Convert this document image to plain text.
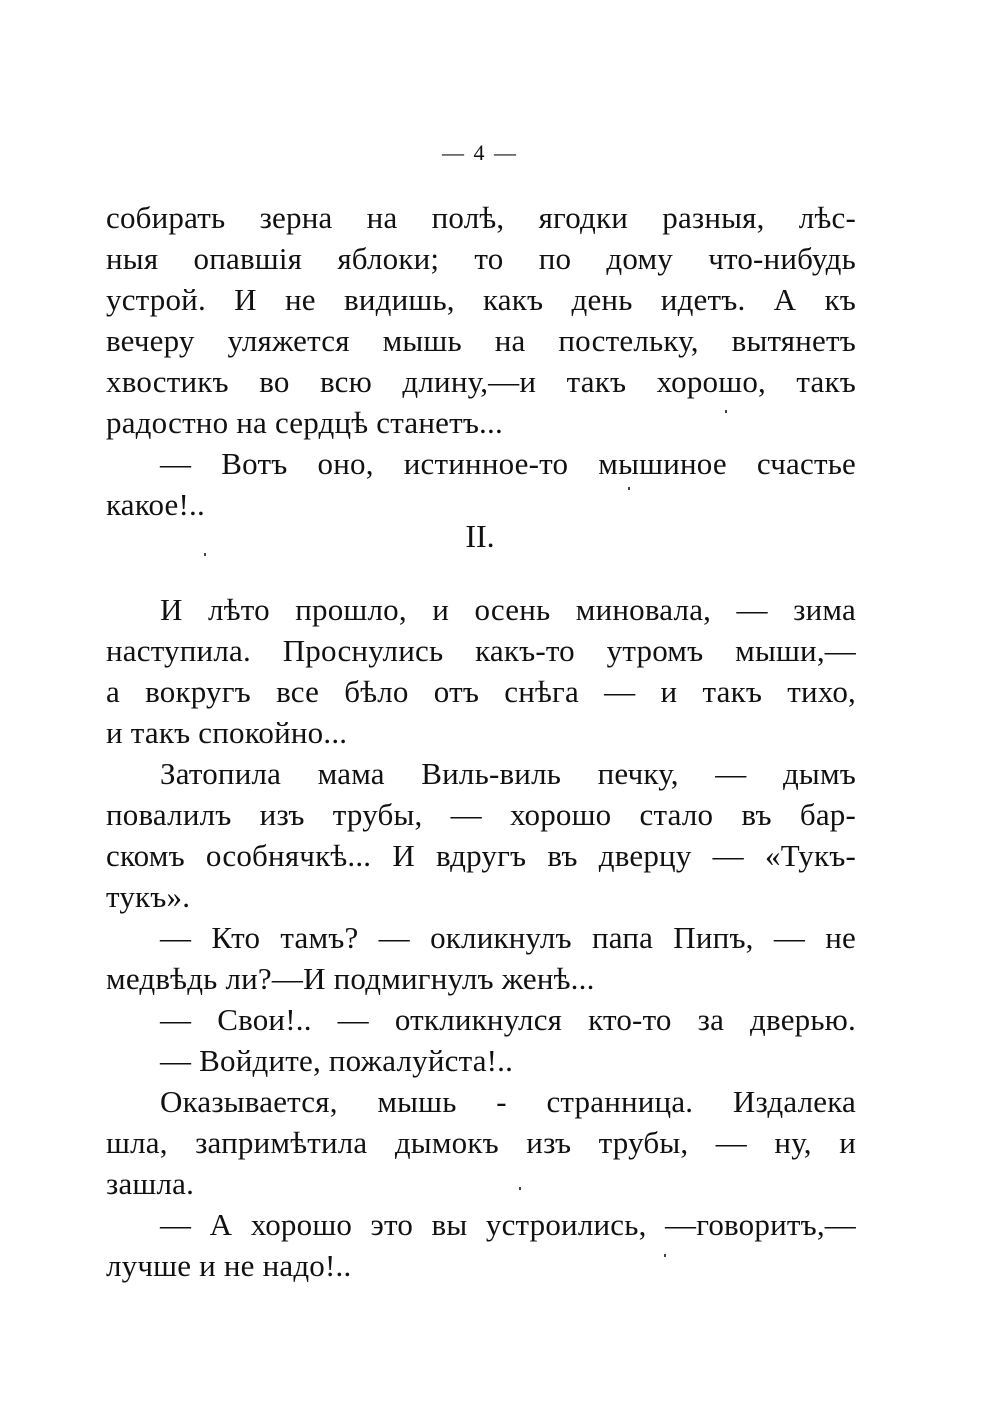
— 4 —
собирать зерна на полѣ, ягодки разныя, лѣс-
ныя опавшія яблоки; то по дому что-нибудь
устрой. И не видишь, какъ день идетъ. А къ
вечеру уляжется мышь на постельку, вытянетъ
хвостикъ во всю длину,—и такъ хорошо, такъ
радостно на сердцѣ станетъ...
— Вотъ оно, истинное-то мышиное счастье
какое!..
II.
И лѣто прошло, и осень миновала, — зима
наступила. Проснулись какъ-то утромъ мыши,—
а вокругъ все бѣло отъ снѣга — и такъ тихо,
и такъ спокойно...
Затопила мама Виль-виль печку, — дымъ
повалилъ изъ трубы, — хорошо стало въ бар-
скомъ особнячкѣ... И вдругъ въ дверцу — «Тукъ-
тукъ».
— Кто тамъ? — окликнулъ папа Пипъ, — не
медвѣдь ли?—И подмигнулъ женѣ...
— Свои!.. — откликнулся кто-то за дверью.
— Войдите, пожалуйста!..
Оказывается, мышь - странница. Издалека
шла, запримѣтила дымокъ изъ трубы, — ну, и
зашла.
— А хорошо это вы устроились, —говоритъ,—
лучше и не надо!..
